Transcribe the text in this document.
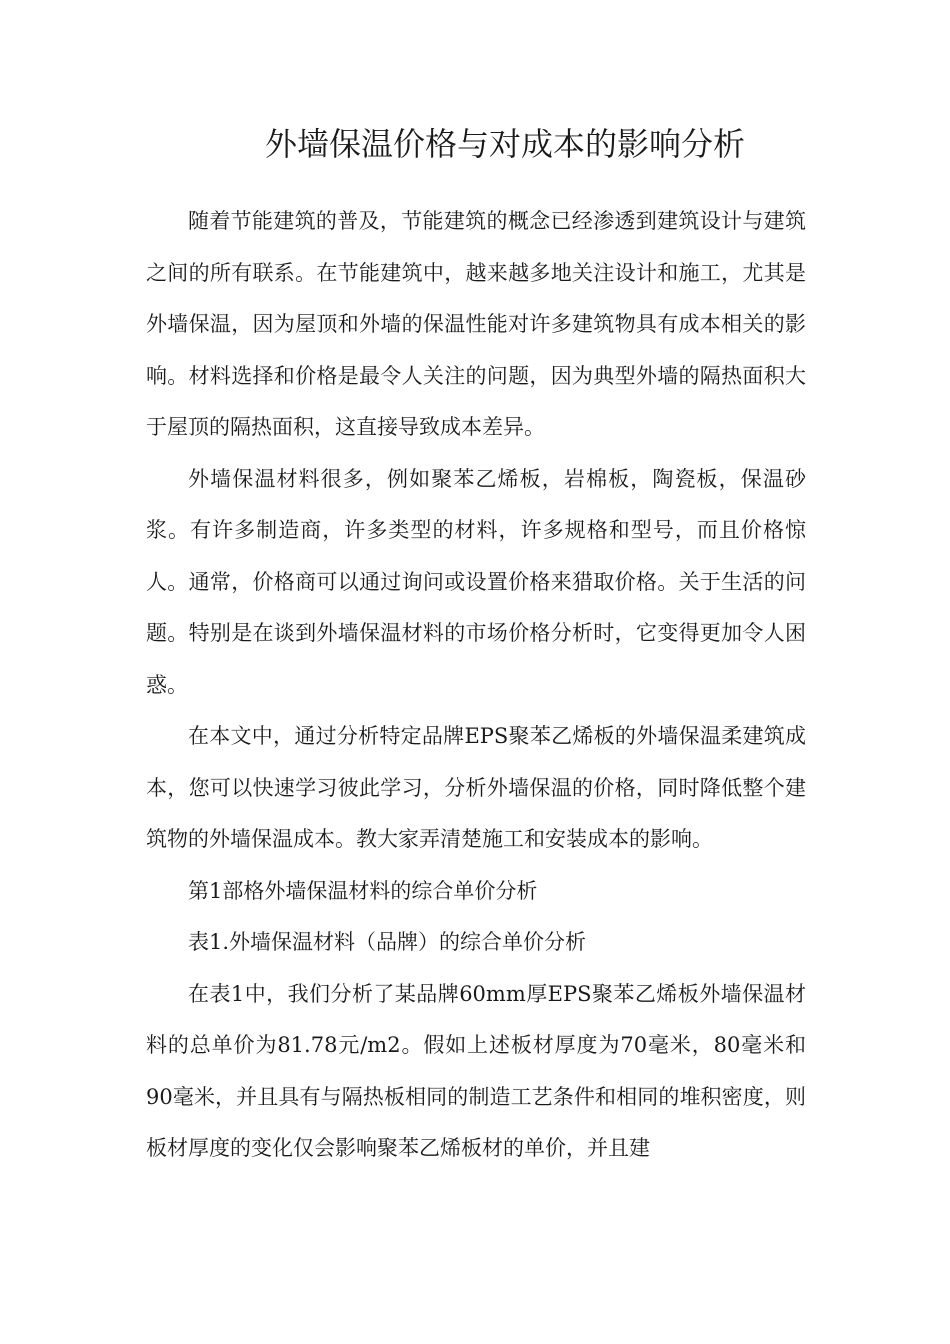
外墙保温价格与对成本的影响分析

随着节能建筑的普及，节能建筑的概念已经渗透到建筑设计与建筑之间的所有联系。在节能建筑中，越来越多地关注设计和施工，尤其是外墙保温，因为屋顶和外墙的保温性能对许多建筑物具有成本相关的影响。材料选择和价格是最令人关注的问题，因为典型外墙的隔热面积大于屋顶的隔热面积，这直接导致成本差异。

外墙保温材料很多，例如聚苯乙烯板，岩棉板，陶瓷板，保温砂浆。有许多制造商，许多类型的材料，许多规格和型号，而且价格惊人。通常，价格商可以通过询问或设置价格来猎取价格。关于生活的问题。特别是在谈到外墙保温材料的市场价格分析时，它变得更加令人困惑。

在本文中，通过分析特定品牌EPS聚苯乙烯板的外墙保温柔建筑成本，您可以快速学习彼此学习，分析外墙保温的价格，同时降低整个建筑物的外墙保温成本。教大家弄清楚施工和安装成本的影响。

第1部格外墙保温材料的综合单价分析

表1.外墙保温材料（品牌）的综合单价分析

在表1中，我们分析了某品牌60mm厚EPS聚苯乙烯板外墙保温材料的总单价为81.78元/m2。假如上述板材厚度为70毫米，80毫米和90毫米，并且具有与隔热板相同的制造工艺条件和相同的堆积密度，则板材厚度的变化仅会影响聚苯乙烯板材的单价，并且建
